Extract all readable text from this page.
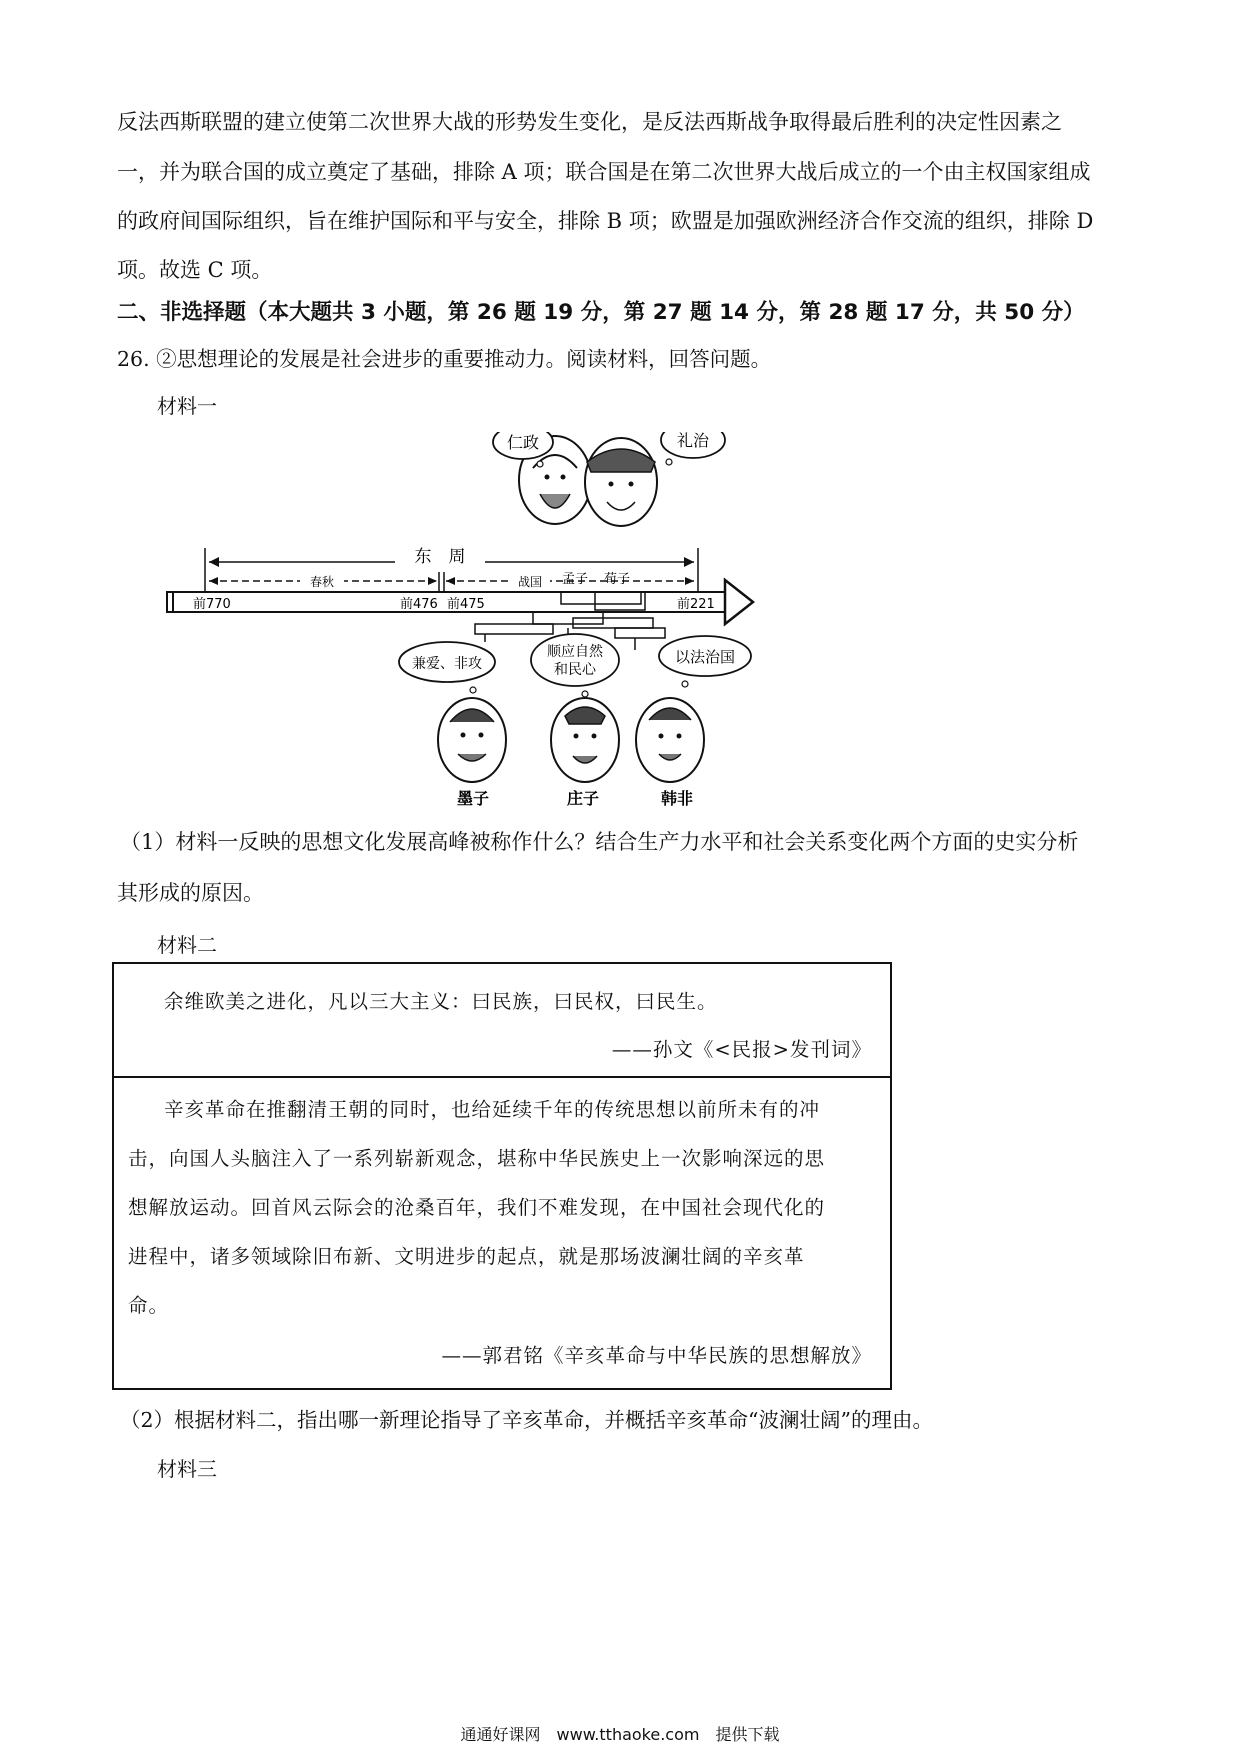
反法西斯联盟的建立使第二次世界大战的形势发生变化，是反法西斯战争取得最后胜利的决定性因素之
一，并为联合国的成立奠定了基础，排除 A 项；联合国是在第二次世界大战后成立的一个由主权国家组成
的政府间国际组织，旨在维护国际和平与安全，排除 B 项；欧盟是加强欧洲经济合作交流的组织，排除 D
项。故选 C 项。
二、非选择题（本大题共 3 小题，第 26 题 19 分，第 27 题 14 分，第 28 题 17 分，共 50 分）
26. ②思想理论的发展是社会进步的重要推动力。阅读材料，回答问题。
材料一
东　周
春秋	战国 孟子 荀子
前770	前476 前475	前221
仁政	礼治
兼爱、非攻
顺应自然
和民心
以法治国
墨子	庄子	韩非
（1）材料一反映的思想文化发展高峰被称作什么？结合生产力水平和社会关系变化两个方面的史实分析
其形成的原因。
材料二
余维欧美之进化，凡以三大主义：曰民族，曰民权，曰民生。
——孙文《<民报>发刊词》
辛亥革命在推翻清王朝的同时，也给延续千年的传统思想以前所未有的冲
击，向国人头脑注入了一系列崭新观念，堪称中华民族史上一次影响深远的思
想解放运动。回首风云际会的沧桑百年，我们不难发现，在中国社会现代化的
进程中，诸多领域除旧布新、文明进步的起点，就是那场波澜壮阔的辛亥革
命。
——郭君铭《辛亥革命与中华民族的思想解放》
（2）根据材料二，指出哪一新理论指导了辛亥革命，并概括辛亥革命“波澜壮阔”的理由。
材料三
通通好课网　www.tthaoke.com　提供下载
